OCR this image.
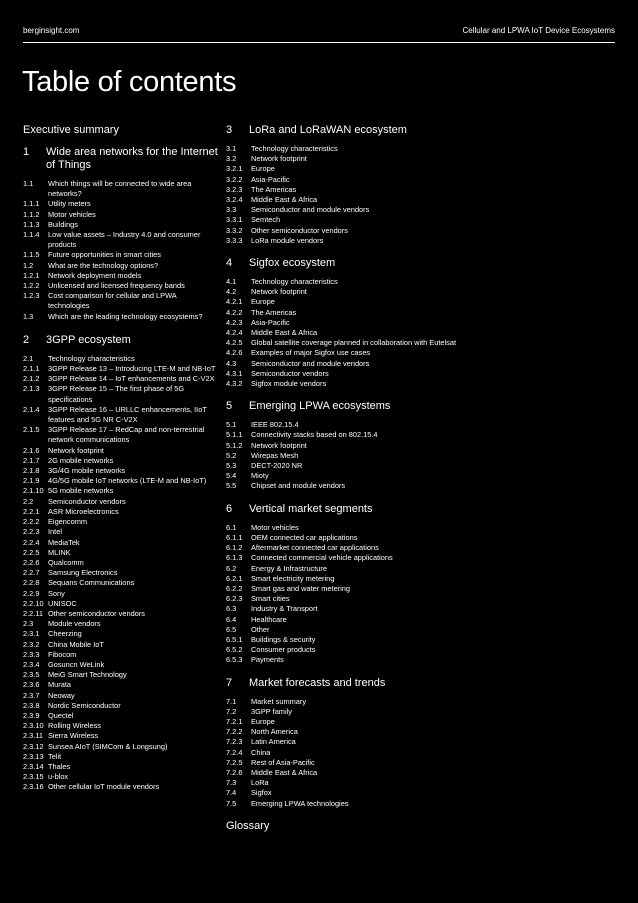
berginsight.com	Cellular and LPWA IoT Device Ecosystems
Table of contents
Executive summary
1	Wide area networks for the Internet of Things
1.1	Which things will be connected to wide area networks?
1.1.1	Utility meters
1.1.2	Motor vehicles
1.1.3	Buildings
1.1.4	Low value assets – Industry 4.0 and consumer products
1.1.5	Future opportunities in smart cities
1.2	What are the technology options?
1.2.1	Network deployment models
1.2.2	Unlicensed and licensed frequency bands
1.2.3	Cost comparison for cellular and LPWA technologies
1.3	Which are the leading technology ecosystems?
2	3GPP ecosystem
2.1	Technology characteristics
2.1.1	3GPP Release 13 – Introducing LTE-M and NB-IoT
2.1.2	3GPP Release 14 – IoT enhancements and C-V2X
2.1.3	3GPP Release 15 – The first phase of 5G specifications
2.1.4	3GPP Release 16 – URLLC enhancements, IIoT features and 5G NR C-V2X
2.1.5	3GPP Release 17 – RedCap and non-terrestrial network communications
2.1.6	Network footprint
2.1.7	2G mobile networks
2.1.8	3G/4G mobile networks
2.1.9	4G/5G mobile IoT networks (LTE-M and NB-IoT)
2.1.10 5G mobile networks
2.2	Semiconductor vendors
2.2.1	ASR Microelectronics
2.2.2	Eigencomm
2.2.3	Intel
2.2.4	MediaTek
2.2.5	MLINK
2.2.6	Qualcomm
2.2.7	Samsung Electronics
2.2.8	Sequans Communications
2.2.9	Sony
2.2.10 UNISOC
2.2.11 Other semiconductor vendors
2.3	Module vendors
2.3.1	Cheerzing
2.3.2	China Mobile IoT
2.3.3	Fibocom
2.3.4	Gosuncn WeLink
2.3.5	MeiG Smart Technology
2.3.6	Murata
2.3.7	Neoway
2.3.8	Nordic Semiconductor
2.3.9	Quectel
2.3.10 Rolling Wireless
2.3.11 Sierra Wireless
2.3.12 Sunsea AIoT (SIMCom & Longsung)
2.3.13 Telit
2.3.14 Thales
2.3.15 u-blox
2.3.16 Other cellular IoT module vendors
3	LoRa and LoRaWAN ecosystem
3.1	Technology characteristics
3.2	Network footprint
3.2.1	Europe
3.2.2	Asia-Pacific
3.2.3	The Americas
3.2.4	Middle East & Africa
3.3	Semiconductor and module vendors
3.3.1	Semtech
3.3.2	Other semiconductor vendors
3.3.3	LoRa module vendors
4	Sigfox ecosystem
4.1	Technology characteristics
4.2	Network footprint
4.2.1	Europe
4.2.2	The Americas
4.2.3	Asia-Pacific
4.2.4	Middle East & Africa
4.2.5	Global satellite coverage planned in collaboration with Eutelsat
4.2.6	Examples of major Sigfox use cases
4.3	Semiconductor and module vendors
4.3.1	Semiconductor vendors
4.3.2	Sigfox module vendors
5	Emerging LPWA ecosystems
5.1	IEEE 802.15.4
5.1.1	Connectivity stacks based on 802.15.4
5.1.2	Network footprint
5.2	Wirepas Mesh
5.3	DECT-2020 NR
5.4	Mioty
5.5	Chipset and module vendors
6	Vertical market segments
6.1	Motor vehicles
6.1.1	OEM connected car applications
6.1.2	Aftermarket connected car applications
6.1.3	Connected commercial vehicle applications
6.2	Energy & Infrastructure
6.2.1	Smart electricity metering
6.2.2	Smart gas and water metering
6.2.3	Smart cities
6.3	Industry & Transport
6.4	Healthcare
6.5	Other
6.5.1	Buildings & security
6.5.2	Consumer products
6.5.3	Payments
7	Market forecasts and trends
7.1	Market summary
7.2	3GPP family
7.2.1	Europe
7.2.2	North America
7.2.3	Latin America
7.2.4	China
7.2.5	Rest of Asia-Pacific
7.2.6	Middle East & Africa
7.3	LoRa
7.4	Sigfox
7.5	Emerging LPWA technologies
Glossary
